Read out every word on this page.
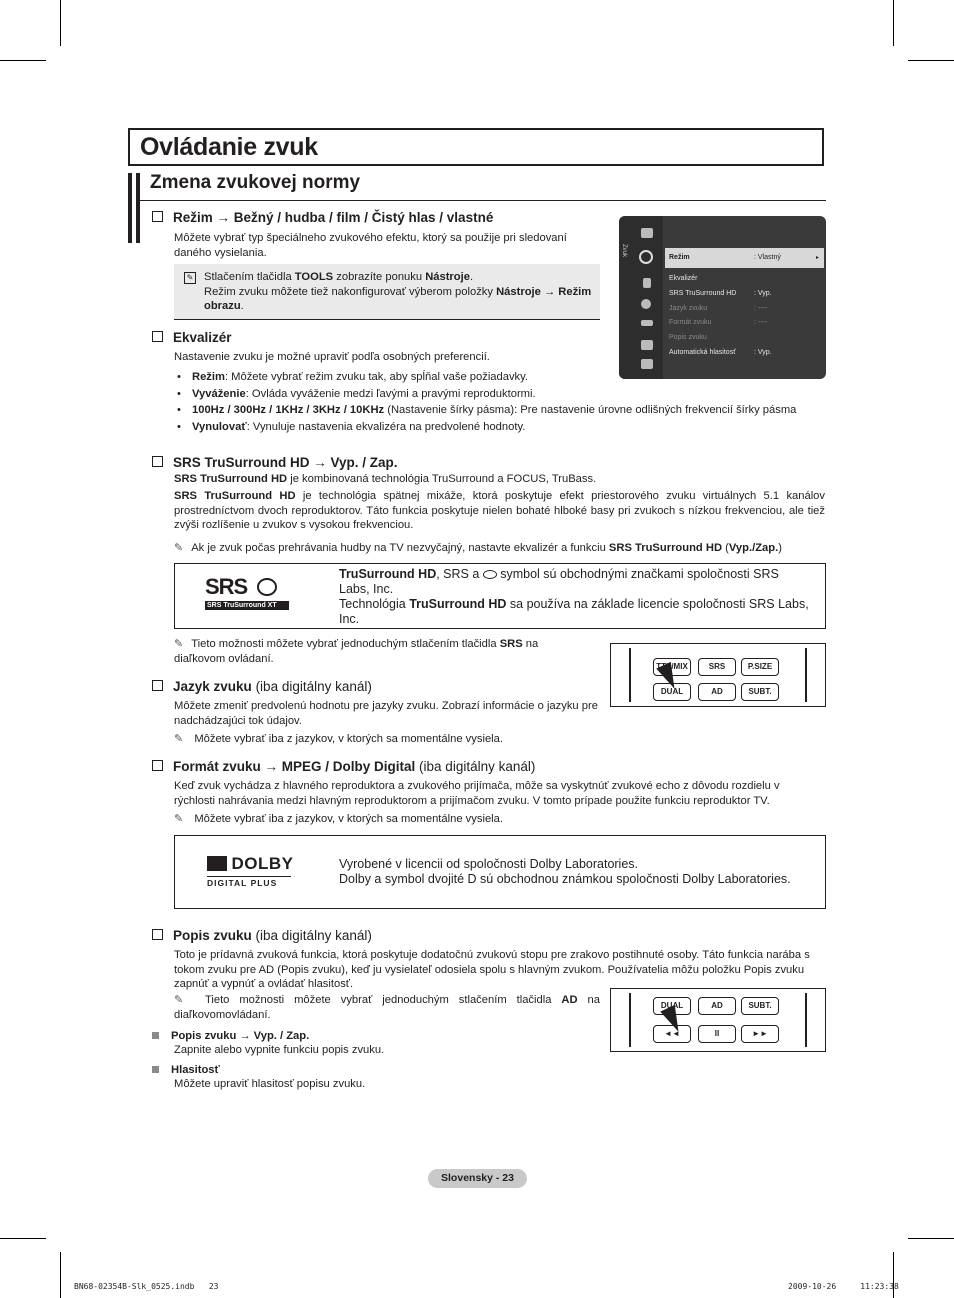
Ovládanie zvuk
Zmena zvukovej normy
Režim → Bežný / hudba / film / Čistý hlas / vlastné
Môžete vybrať typ špeciálneho zvukového efektu, ktorý sa použije pri sledovaní daného vysielania.
✎ Stlačením tlačidla TOOLS zobrazíte ponuku Nástroje.
Režim zvuku môžete tiež nakonfigurovať výberom položky Nástroje → Režim obrazu.
Zvuk
Režim	: Vlastný	▸
Ekvalizér
SRS TruSurround HD	: Vyp.
Jazyk zvuku	: ----
Formát zvuku	: ----
Popis zvuku
Automatická hlasitosť	: Vyp.
Ekvalizér
Nastavenie zvuku je možné upraviť podľa osobných preferencií.
• Režim: Môžete vybrať režim zvuku tak, aby spĺňal vaše požiadavky.
• Vyváženie: Ovláda vyváženie medzi ľavými a pravými reproduktormi.
• 100Hz / 300Hz / 1KHz / 3KHz / 10KHz (Nastavenie šírky pásma): Pre nastavenie úrovne odlišných frekvencií šírky pásma
• Vynulovať: Vynuluje nastavenia ekvalizéra na predvolené hodnoty.
SRS TruSurround HD → Vyp. / Zap.
SRS TruSurround HD je kombinovaná technológia TruSurround a FOCUS, TruBass.
SRS TruSurround HD je technológia spätnej mixáže, ktorá poskytuje efekt priestorového zvuku virtuálnych 5.1 kanálov prostredníctvom dvoch reproduktorov. Táto funkcia poskytuje nielen bohaté hlboké basy pri zvukoch s nízkou frekvenciou, ale tiež zvýši rozlíšenie u zvukov s vysokou frekvenciou.
✎ Ak je zvuk počas prehrávania hudby na TV nezvyčajný, nastavte ekvalizér a funkciu SRS TruSurround HD (Vyp./Zap.)
SRS
SRS TruSurround XT
TruSurround HD, SRS a  symbol sú obchodnými značkami spoločnosti SRS Labs, Inc.
Technológia TruSurround HD sa používa na základe licencie spoločnosti SRS Labs, Inc.
✎ Tieto možnosti môžete vybrať jednoduchým stlačením tlačidla SRS na diaľkovom ovládaní.
TTX/MIX	SRS	P.SIZE
DUAL	AD	SUBT.
Jazyk zvuku (iba digitálny kanál)
Môžete zmeniť predvolenú hodnotu pre jazyky zvuku. Zobrazí informácie o jazyku pre nadchádzajúci tok údajov.
✎ Môžete vybrať iba z jazykov, v ktorých sa momentálne vysiela.
Formát zvuku → MPEG / Dolby Digital (iba digitálny kanál)
Keď zvuk vychádza z hlavného reproduktora a zvukového prijímača, môže sa vyskytnúť zvukové echo z dôvodu rozdielu v rýchlosti nahrávania medzi hlavným reproduktorom a prijímačom zvuku. V tomto prípade použite funkciu reproduktor TV.
✎ Môžete vybrať iba z jazykov, v ktorých sa momentálne vysiela.
DOLBY
DIGITAL PLUS
Vyrobené v licencii od spoločnosti Dolby Laboratories.
Dolby a symbol dvojité D sú obchodnou známkou spoločnosti Dolby Laboratories.
Popis zvuku (iba digitálny kanál)
Toto je prídavná zvuková funkcia, ktorá poskytuje dodatočnú zvukovú stopu pre zrakovo postihnuté osoby. Táto funkcia narába s tokom zvuku pre AD (Popis zvuku), keď ju vysielateľ odosiela spolu s hlavným zvukom. Používatelia môžu položku Popis zvuku zapnúť a vypnúť a ovládať hlasitosť.
✎ Tieto možnosti môžete vybrať jednoduchým stlačením tlačidla AD na diaľkovomovládaní.
Popis zvuku → Vyp. / Zap.
Zapnite alebo vypnite funkciu popis zvuku.
Hlasitosť
Môžete upraviť hlasitosť popisu zvuku.
DUAL	AD	SUBT.
◄◄	II	►►
Slovensky - 23
BN68-02354B-Slk_0525.indb   23	2009-10-26   ￼ 11:23:38
